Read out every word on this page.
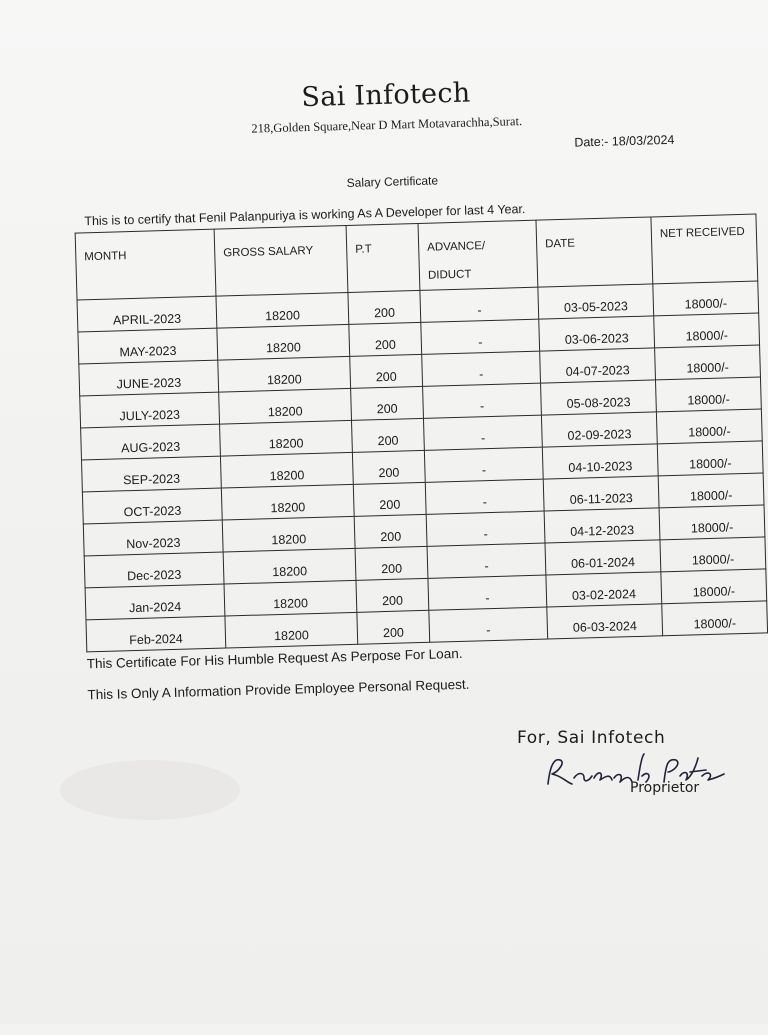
Sai Infotech
218,Golden Square,Near D Mart Motavarachha,Surat.
Date:- 18/03/2024
Salary Certificate
This is to certify that Fenil Palanpuriya is working As A Developer for last 4 Year.
MONTH	GROSS SALARY	P.T	ADVANCE/ DIDUCT	DATE	NET RECEIVED
APRIL-2023	18200	200	-	03-05-2023	18000/-
MAY-2023	18200	200	-	03-06-2023	18000/-
JUNE-2023	18200	200	-	04-07-2023	18000/-
JULY-2023	18200	200	-	05-08-2023	18000/-
AUG-2023	18200	200	-	02-09-2023	18000/-
SEP-2023	18200	200	-	04-10-2023	18000/-
OCT-2023	18200	200	-	06-11-2023	18000/-
Nov-2023	18200	200	-	04-12-2023	18000/-
Dec-2023	18200	200	-	06-01-2024	18000/-
Jan-2024	18200	200	-	03-02-2024	18000/-
Feb-2024	18200	200	-	06-03-2024	18000/-
This Certificate For His Humble Request As Perpose For Loan.
This Is Only A Information Provide Employee Personal Request.
For, Sai Infotech
Proprietor
